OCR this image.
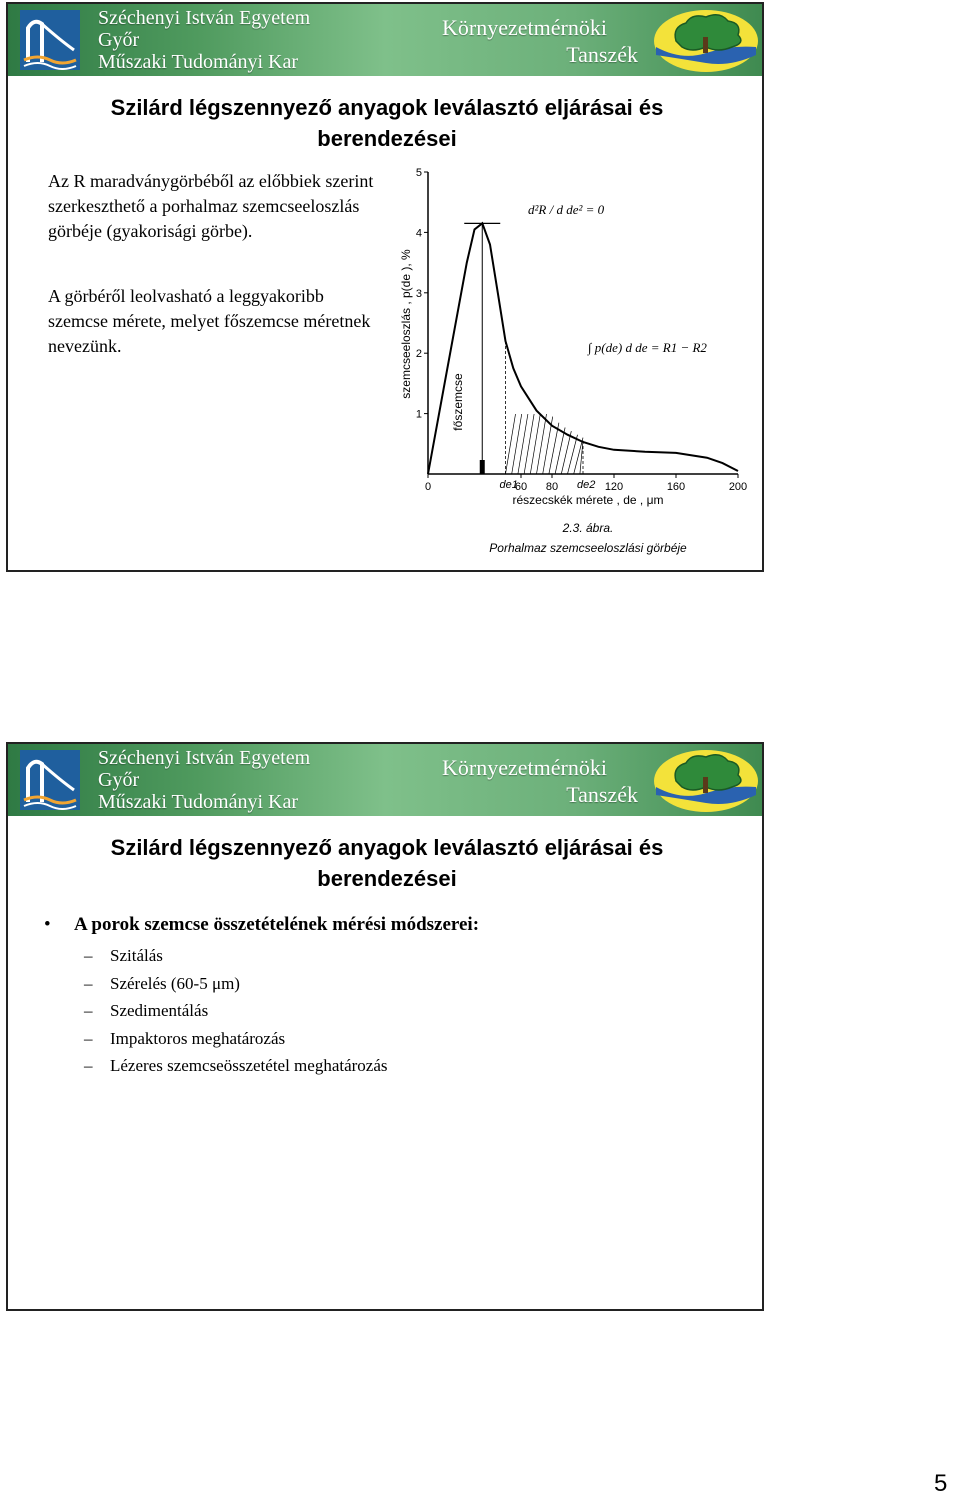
Széchenyi István Egyetem
Győr
Műszaki Tudományi Kar
Környezetmérnöki
Tanszék
Szilárd légszennyező anyagok leválasztó eljárásai és
berendezései
Az R maradványgörbéből az előbbiek szerint szerkeszthető a porhalmaz szemcseeloszlás görbéje (gyakorisági görbe).
A görbéről leolvasható a leggyakoribb szemcse mérete, melyet főszemcse méretnek nevezünk.
5
4
3
2
1
0	60 80	120	160	200
de1	de2
szemcseeloszlás , p(de ), %
főszemcse
részecskék mérete , de , μm
d²R / d de² = 0
∫ p(de) d de = R1 − R2
2.3. ábra.
Porhalmaz szemcseeloszlási görbéje
Széchenyi István Egyetem
Győr
Műszaki Tudományi Kar
Környezetmérnöki
Tanszék
Szilárd légszennyező anyagok leválasztó eljárásai és
berendezései
• A porok szemcse összetételének mérési módszerei:
– Szitálás
– Szérelés (60-5 μm)
– Szedimentálás
– Impaktoros meghatározás
– Lézeres szemcseösszetétel meghatározás
5
